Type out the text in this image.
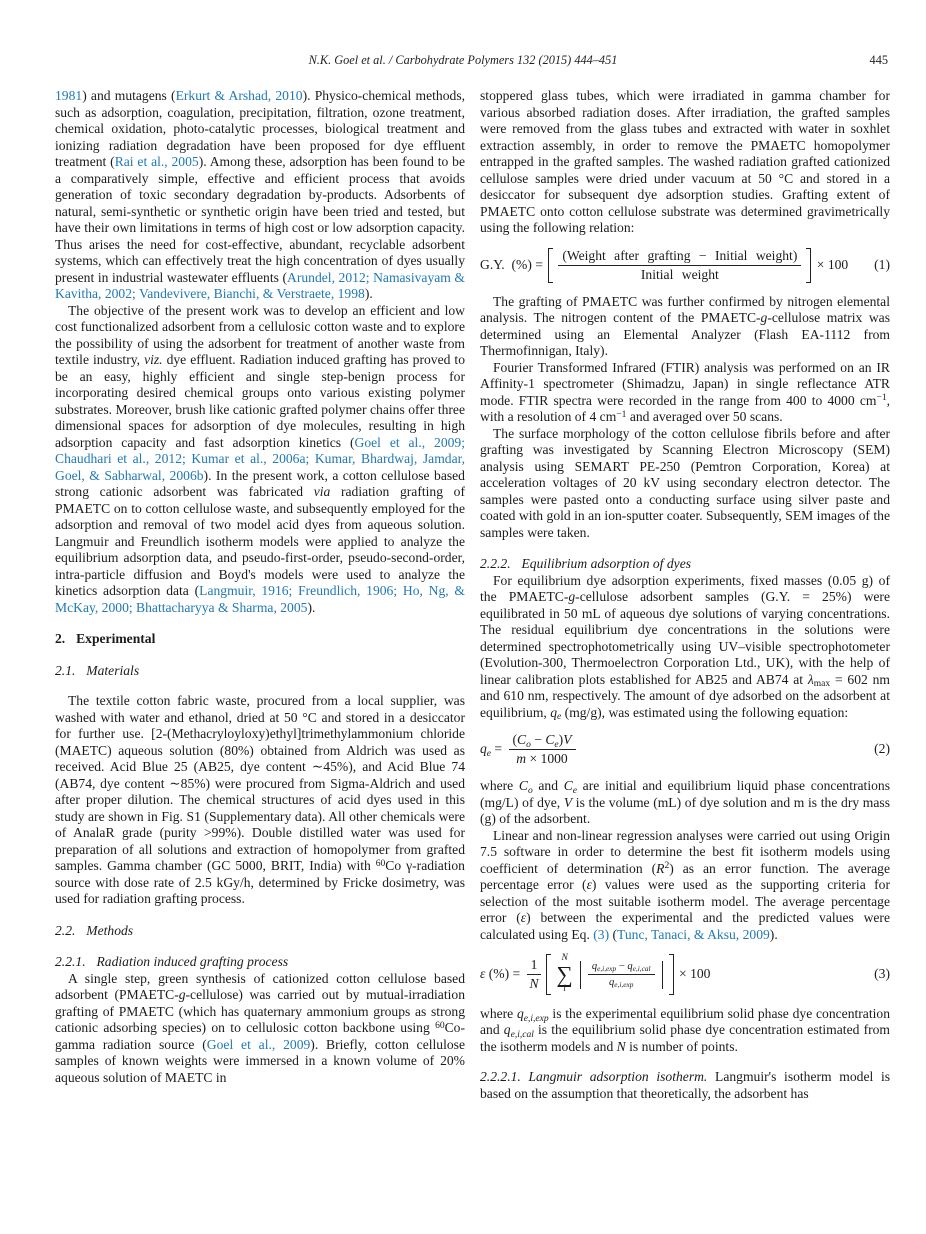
N.K. Goel et al. / Carbohydrate Polymers 132 (2015) 444–451	445

1981) and mutagens (Erkurt & Arshad, 2010). Physico-chemical methods, such as adsorption, coagulation, precipitation, filtration, ozone treatment, chemical oxidation, photo-catalytic processes, biological treatment and ionizing radiation degradation have been proposed for dye effluent treatment (Rai et al., 2005). Among these, adsorption has been found to be a comparatively simple, effective and efficient process that avoids generation of toxic secondary degradation by-products. Adsorbents of natural, semi-synthetic or synthetic origin have been tried and tested, but have their own limitations in terms of high cost or low adsorption capacity. Thus arises the need for cost-effective, abundant, recyclable adsorbent systems, which can effectively treat the high concentration of dyes usually present in industrial wastewater effluents (Arundel, 2012; Namasivayam & Kavitha, 2002; Vandevivere, Bianchi, & Verstraete, 1998).

The objective of the present work was to develop an efficient and low cost functionalized adsorbent from a cellulosic cotton waste and to explore the possibility of using the adsorbent for treatment of another waste from textile industry, viz. dye effluent. Radiation induced grafting has proved to be an easy, highly efficient and single step-benign process for incorporating desired chemical groups onto various existing polymer substrates. Moreover, brush like cationic grafted polymer chains offer three dimensional spaces for adsorption of dye molecules, resulting in high adsorption capacity and fast adsorption kinetics (Goel et al., 2009; Chaudhari et al., 2012; Kumar et al., 2006a; Kumar, Bhardwaj, Jamdar, Goel, & Sabharwal, 2006b). In the present work, a cotton cellulose based strong cationic adsorbent was fabricated via radiation grafting of PMAETC on to cotton cellulose waste, and subsequently employed for the adsorption and removal of two model acid dyes from aqueous solution. Langmuir and Freundlich isotherm models were applied to analyze the equilibrium adsorption data, and pseudo-first-order, pseudo-second-order, intra-particle diffusion and Boyd's models were used to analyze the kinetics adsorption data (Langmuir, 1916; Freundlich, 1906; Ho, Ng, & McKay, 2000; Bhattacharyya & Sharma, 2005).

2. Experimental
2.1. Materials

The textile cotton fabric waste, procured from a local supplier, was washed with water and ethanol, dried at 50 °C and stored in a desiccator for further use. [2-(Methacryloyloxy)ethyl]trimethylammonium chloride (MAETC) aqueous solution (80%) obtained from Aldrich was used as received. Acid Blue 25 (AB25, dye content ∼45%), and Acid Blue 74 (AB74, dye content ∼85%) were procured from Sigma-Aldrich and used after proper dilution. The chemical structures of acid dyes used in this study are shown in Fig. S1 (Supplementary data). All other chemicals were of AnalaR grade (purity >99%). Double distilled water was used for preparation of all solutions and extraction of homopolymer from grafted samples. Gamma chamber (GC 5000, BRIT, India) with $^{60}$Co γ-radiation source with dose rate of 2.5 kGy/h, determined by Fricke dosimetry, was used for radiation grafting process.

2.2. Methods
2.2.1. Radiation induced grafting process

A single step, green synthesis of cationized cotton cellulose based adsorbent (PMAETC-g-cellulose) was carried out by mutual-irradiation grafting of PMAETC (which has quaternary ammonium groups as strong cationic adsorbing species) on to cellulosic cotton backbone using $^{60}$Co-gamma radiation source (Goel et al., 2009). Briefly, cotton cellulose samples of known weights were immersed in a known volume of 20% aqueous solution of MAETC in

stoppered glass tubes, which were irradiated in gamma chamber for various absorbed radiation doses. After irradiation, the grafted samples were removed from the glass tubes and extracted with water in soxhlet extraction assembly, in order to remove the PMAETC homopolymer entrapped in the grafted samples. The washed radiation grafted cationized cellulose samples were dried under vacuum at 50 °C and stored in a desiccator for subsequent dye adsorption studies. Grafting extent of PMAETC onto cotton cellulose substrate was determined gravimetrically using the following relation:

G.Y.  (%) = $\frac{\text{(Weight after grafting − Initial weight)}}{\text{Initial weight}} \times 100$ (1)

The grafting of PMAETC was further confirmed by nitrogen elemental analysis. The nitrogen content of the PMAETC-g-cellulose matrix was determined using an Elemental Analyzer (Flash EA-1112 from Thermofinnigan, Italy).

Fourier Transformed Infrared (FTIR) analysis was performed on an IR Affinity-1 spectrometer (Shimadzu, Japan) in single reflectance ATR mode. FTIR spectra were recorded in the range from 400 to 4000 $cm^{-1}$, with a resolution of 4 $cm^{-1}$ and averaged over 50 scans.

The surface morphology of the cotton cellulose fibrils before and after grafting was investigated by Scanning Electron Microscopy (SEM) analysis using SEMART PE-250 (Pemtron Corporation, Korea) at acceleration voltages of 20 kV using secondary electron detector. The samples were pasted onto a conducting surface using silver paste and coated with gold in an ion-sputter coater. Subsequently, SEM images of the samples were taken.

2.2.2. Equilibrium adsorption of dyes

For equilibrium dye adsorption experiments, fixed masses (0.05 g) of the PMAETC-g-cellulose adsorbent samples (G.Y. = 25%) were equilibrated in 50 mL of aqueous dye solutions of varying concentrations. The residual equilibrium dye concentrations in the solutions were determined spectrophotometrically using UV–visible spectrophotometer (Evolution-300, Thermoelectron Corporation Ltd., UK), with the help of linear calibration plots established for AB25 and AB74 at λmax = 602 nm and 610 nm, respectively. The amount of dye adsorbed on the adsorbent at equilibrium, qe (mg/g), was estimated using the following equation:

qe = $\frac{(Co - Ce)V}{m \times 1000}$	(2)

where Co and Ce are initial and equilibrium liquid phase concentrations (mg/L) of dye, V is the volume (mL) of dye solution and m is the dry mass (g) of the adsorbent.

Linear and non-linear regression analyses were carried out using Origin 7.5 software in order to determine the best fit isotherm models using coefficient of determination $(R^2)$ as an error function. The average percentage error (ε) values were used as the supporting criteria for selection of the most suitable isotherm model. The average percentage error (ε) between the experimental and the predicted values were calculated using Eq. (3) (Tunc, Tanaci, & Aksu, 2009).

ε (%) = $\frac{1}{N}$ N
∑
i
$\frac{\text{qe,i,exp − qe,i,cal}}{qe,i,\exp} \times 100$	(3)

where qe,i,exp is the experimental equilibrium solid phase dye concentration and qe,i,cal is the equilibrium solid phase dye concentration estimated from the isotherm models and N is number of points.

2.2.2.1. Langmuir adsorption isotherm. Langmuir's isotherm model is based on the assumption that theoretically, the adsorbent has
